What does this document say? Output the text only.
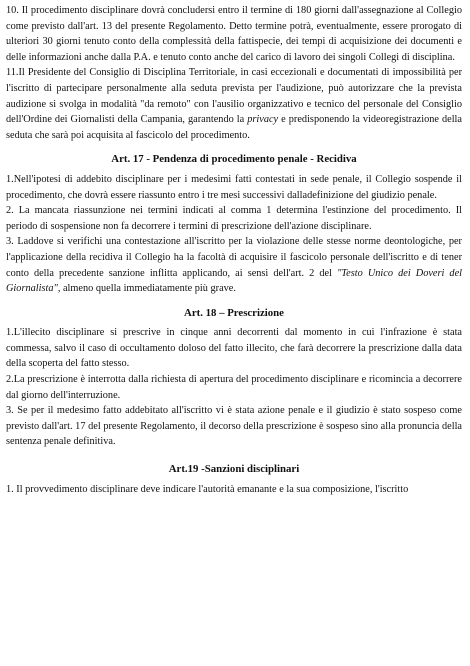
10. Il procedimento disciplinare dovrà concludersi entro il termine di 180 giorni dall'assegnazione al Collegio come previsto dall'art. 13 del presente Regolamento. Detto termine potrà, eventualmente, essere prorogato di ulteriori 30 giorni tenuto conto della complessità della fattispecie, dei tempi di acquisizione dei documenti e delle informazioni anche dalla P.A. e tenuto conto anche del carico di lavoro dei singoli Collegi di disciplina.

11.Il Presidente del Consiglio di Disciplina Territoriale, in casi eccezionali e documentati di impossibilità per l'iscritto di partecipare personalmente alla seduta prevista per l'audizione, può autorizzare che la prevista audizione si svolga in modalità "da remoto" con l'ausilio organizzativo e tecnico del personale del Consiglio dell'Ordine dei Giornalisti della Campania, garantendo la privacy e predisponendo la videoregistrazione della seduta che sarà poi acquisita al fascicolo del procedimento.

Art. 17 - Pendenza di procedimento penale - Recidiva

1.Nell'ipotesi di addebito disciplinare per i medesimi fatti contestati in sede penale, il Collegio sospende il procedimento, che dovrà essere riassunto entro i tre mesi successivi dalladefinizione del giudizio penale.

2. La mancata riassunzione nei termini indicati al comma 1 determina l'estinzione del procedimento. Il periodo di sospensione non fa decorrere i termini di prescrizione dell'azione disciplinare.

3. Laddove si verifichi una contestazione all'iscritto per la violazione delle stesse norme deontologiche, per l'applicazione della recidiva il Collegio ha la facoltà di acquisire il fascicolo personale dell'iscritto e di tener conto della precedente sanzione inflitta applicando, ai sensi dell'art. 2 del "Testo Unico dei Doveri del Giornalista", almeno quella immediatamente più grave.

Art. 18 – Prescrizione

1.L'illecito disciplinare si prescrive in cinque anni decorrenti dal momento in cui l'infrazione è stata commessa, salvo il caso di occultamento doloso del fatto illecito, che farà decorrere la prescrizione dalla data della scoperta del fatto stesso.

2.La prescrizione è interrotta dalla richiesta di apertura del procedimento disciplinare e ricomincia a decorrere dal giorno dell'interruzione.

3. Se per il medesimo fatto addebitato all'iscritto vi è stata azione penale e il giudizio è stato sospeso come previsto dall'art. 17 del presente Regolamento, il decorso della prescrizione è sospeso sino alla pronuncia della sentenza penale definitiva.

Art.19 -Sanzioni disciplinari

1. Il provvedimento disciplinare deve indicare l'autorità emanante e la sua composizione, l'iscritto
